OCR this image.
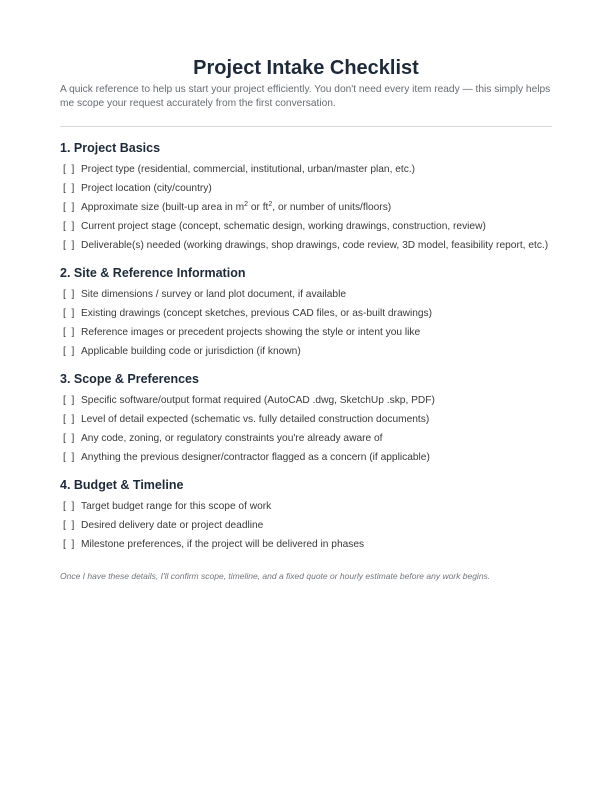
Project Intake Checklist

A quick reference to help us start your project efficiently. You don't need every item ready — this simply helps me scope your request accurately from the first conversation.

1. Project Basics
[  ] Project type (residential, commercial, institutional, urban/master plan, etc.)
[  ] Project location (city/country)
[  ] Approximate size (built-up area in $m^2$ or $ft^2$, or number of units/floors)
[  ] Current project stage (concept, schematic design, working drawings, construction, review)
[  ] Deliverable(s) needed (working drawings, shop drawings, code review, 3D model, feasibility report, etc.)
2. Site & Reference Information
[  ] Site dimensions / survey or land plot document, if available
[  ] Existing drawings (concept sketches, previous CAD files, or as-built drawings)
[  ] Reference images or precedent projects showing the style or intent you like
[  ] Applicable building code or jurisdiction (if known)
3. Scope & Preferences
[  ] Specific software/output format required (AutoCAD .dwg, SketchUp .skp, PDF)
[  ] Level of detail expected (schematic vs. fully detailed construction documents)
[  ] Any code, zoning, or regulatory constraints you're already aware of
[  ] Anything the previous designer/contractor flagged as a concern (if applicable)
4. Budget & Timeline
[  ] Target budget range for this scope of work
[  ] Desired delivery date or project deadline
[  ] Milestone preferences, if the project will be delivered in phases

Once I have these details, I'll confirm scope, timeline, and a fixed quote or hourly estimate before any work begins.
